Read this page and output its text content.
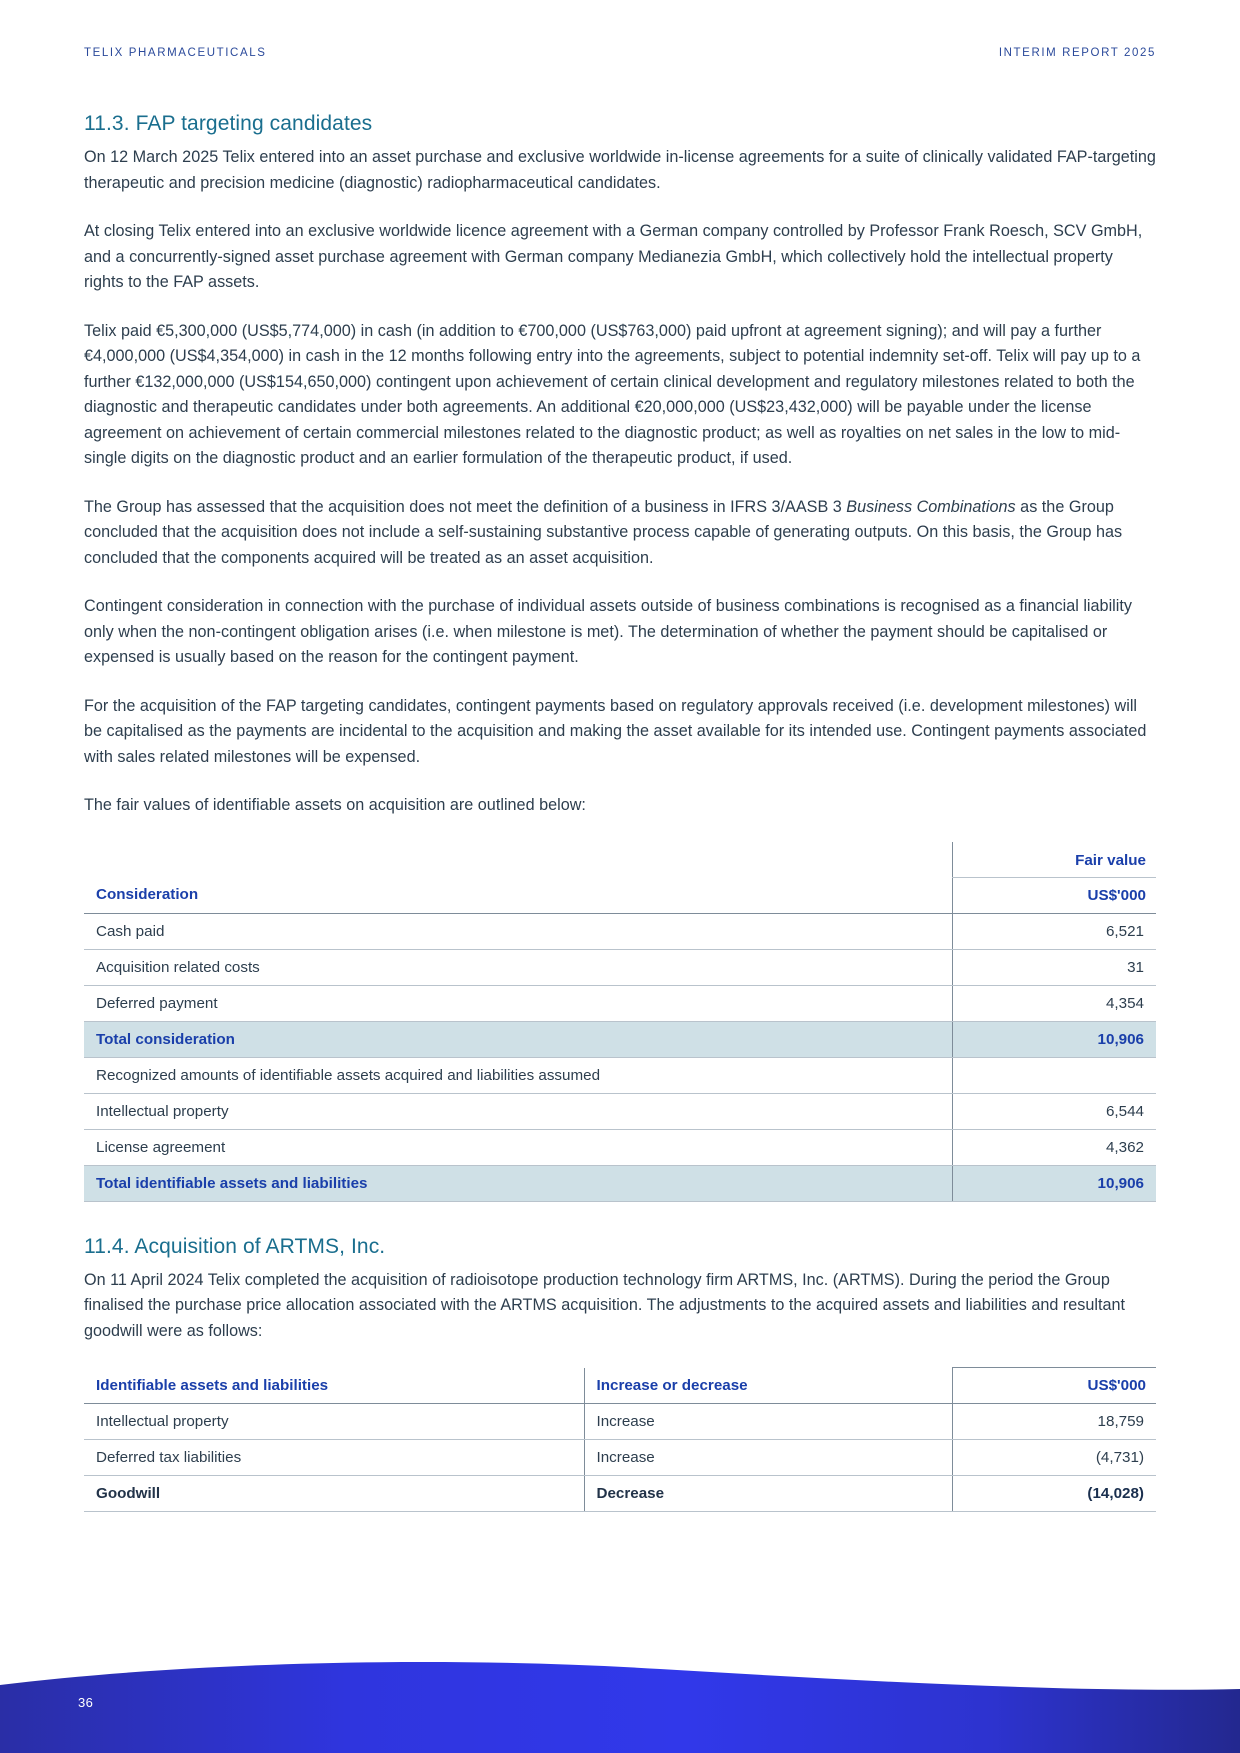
TELIX PHARMACEUTICALS	INTERIM REPORT 2025
11.3. FAP targeting candidates

On 12 March 2025 Telix entered into an asset purchase and exclusive worldwide in-license agreements for a suite of clinically validated FAP-targeting therapeutic and precision medicine (diagnostic) radiopharmaceutical candidates.

At closing Telix entered into an exclusive worldwide licence agreement with a German company controlled by Professor Frank Roesch, SCV GmbH, and a concurrently-signed asset purchase agreement with German company Medianezia GmbH, which collectively hold the intellectual property rights to the FAP assets.

Telix paid €5,300,000 (US$5,774,000) in cash (in addition to €700,000 (US$763,000) paid upfront at agreement signing); and will pay a further €4,000,000 (US$4,354,000) in cash in the 12 months following entry into the agreements, subject to potential indemnity set-off. Telix will pay up to a further €132,000,000 (US$154,650,000) contingent upon achievement of certain clinical development and regulatory milestones related to both the diagnostic and therapeutic candidates under both agreements. An additional €20,000,000 (US$23,432,000) will be payable under the license agreement on achievement of certain commercial milestones related to the diagnostic product; as well as royalties on net sales in the low to mid-single digits on the diagnostic product and an earlier formulation of the therapeutic product, if used.

The Group has assessed that the acquisition does not meet the definition of a business in IFRS 3/AASB 3 Business Combinations as the Group concluded that the acquisition does not include a self-sustaining substantive process capable of generating outputs. On this basis, the Group has concluded that the components acquired will be treated as an asset acquisition.

Contingent consideration in connection with the purchase of individual assets outside of business combinations is recognised as a financial liability only when the non-contingent obligation arises (i.e. when milestone is met). The determination of whether the payment should be capitalised or expensed is usually based on the reason for the contingent payment.

For the acquisition of the FAP targeting candidates, contingent payments based on regulatory approvals received (i.e. development milestones) will be capitalised as the payments are incidental to the acquisition and making the asset available for its intended use. Contingent payments associated with sales related milestones will be expensed.

The fair values of identifiable assets on acquisition are outlined below:

	Fair value
Consideration	US$'000
Cash paid	6,521
Acquisition related costs	31
Deferred payment	4,354
Total consideration	10,906
Recognized amounts of identifiable assets acquired and liabilities assumed	
Intellectual property	6,544
License agreement	4,362
Total identifiable assets and liabilities	10,906
11.4. Acquisition of ARTMS, Inc.

On 11 April 2024 Telix completed the acquisition of radioisotope production technology firm ARTMS, Inc. (ARTMS). During the period the Group finalised the purchase price allocation associated with the ARTMS acquisition. The adjustments to the acquired assets and liabilities and resultant goodwill were as follows:

Identifiable assets and liabilities	Increase or decrease	US$'000
Intellectual property	Increase	18,759
Deferred tax liabilities	Increase	(4,731)
Goodwill	Decrease	(14,028)
36
